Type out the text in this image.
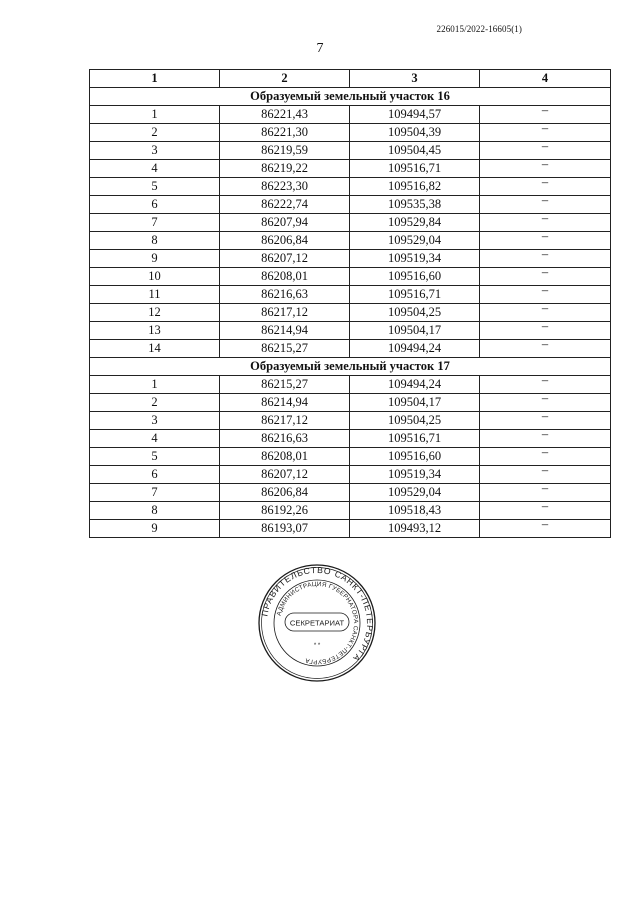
226015/2022-16605(1)
7
1	2	3	4
Образуемый земельный участок 16			
1	86221,43	109494,57	–
2	86221,30	109504,39	–
3	86219,59	109504,45	–
4	86219,22	109516,71	–
5	86223,30	109516,82	–
6	86222,74	109535,38	–
7	86207,94	109529,84	–
8	86206,84	109529,04	–
9	86207,12	109519,34	–
10	86208,01	109516,60	–
11	86216,63	109516,71	–
12	86217,12	109504,25	–
13	86214,94	109504,17	–
14	86215,27	109494,24	–
Образуемый земельный участок 17			
1	86215,27	109494,24	–
2	86214,94	109504,17	–
3	86217,12	109504,25	–
4	86216,63	109516,71	–
5	86208,01	109516,60	–
6	86207,12	109519,34	–
7	86206,84	109529,04	–
8	86192,26	109518,43	–
9	86193,07	109493,12	–
ПРАВИТЕЛЬСТВО САНКТ-ПЕТЕРБУРГА
АДМИНИСТРАЦИЯ ГУБЕРНАТОРА САНКТ-ПЕТЕРБУРГА
СЕКРЕТАРИАТ
* *
